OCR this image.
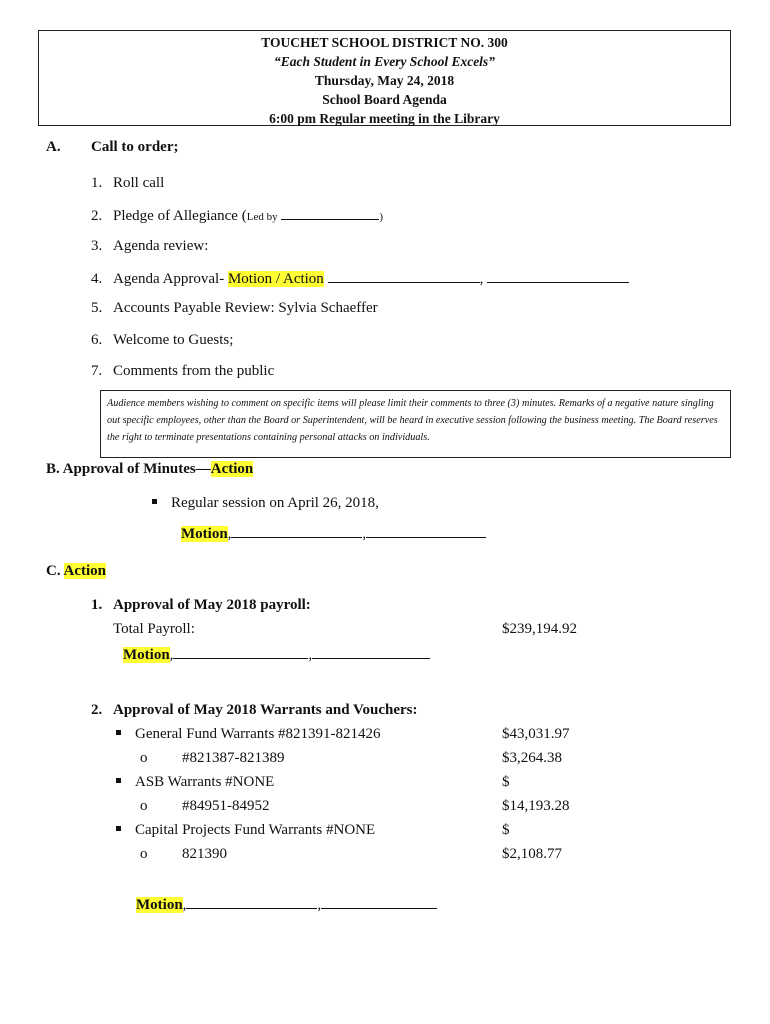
TOUCHET SCHOOL DISTRICT NO. 300
“Each Student in Every School Excels”
Thursday, May 24, 2018
School Board Agenda
6:00 pm Regular meeting in the Library
A. Call to order;
1. Roll call
2. Pledge of Allegiance (Led by	)
3. Agenda review:
4. Agenda Approval- Motion / Action	,
5. Accounts Payable Review: Sylvia Schaeffer
6. Welcome to Guests;
7. Comments from the public
Audience members wishing to comment on specific items will please limit their comments to three (3) minutes. Remarks of a negative nature singling out specific employees, other than the Board or Superintendent, will be heard in executive session following the business meeting. The Board reserves the right to terminate presentations containing personal attacks on individuals.
B. Approval of Minutes—Action
Regular session on April 26, 2018,
Motion,	,
C. Action
1. Approval of May 2018 payroll:
Total Payroll:	$239,194.92
Motion,	,
2. Approval of May 2018 Warrants and Vouchers:
General Fund Warrants #821391-821426	$43,031.97
o #821387-821389	$3,264.38
ASB Warrants #NONE	$
o #84951-84952	$14,193.28
Capital Projects Fund Warrants #NONE	$
o 821390	$2,108.77
Motion,	,
